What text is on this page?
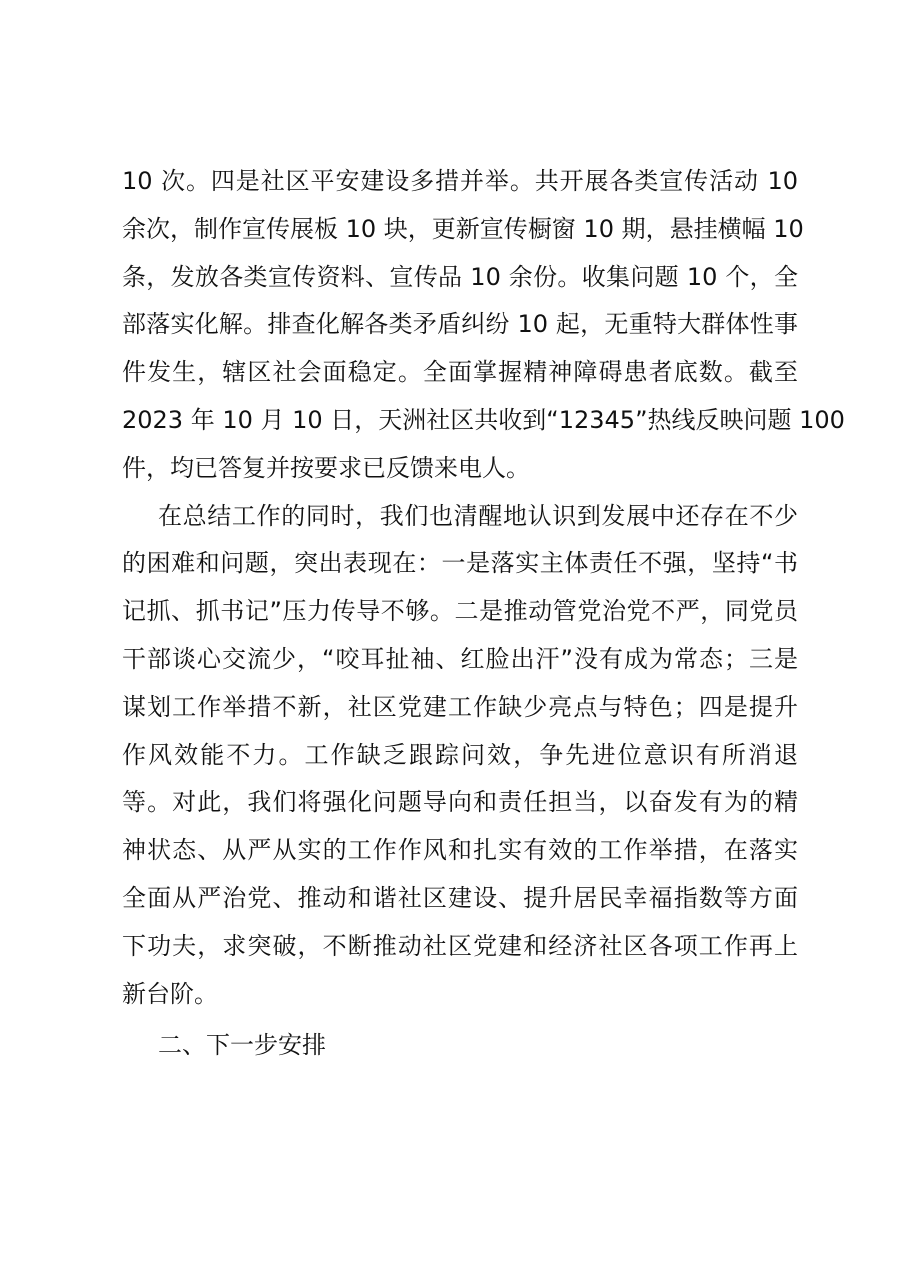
10 次。四是社区平安建设多措并举。共开展各类宣传活动 10
余次，制作宣传展板 10 块，更新宣传橱窗 10 期，悬挂横幅 10
条，发放各类宣传资料、宣传品 10 余份。收集问题 10 个，全
部落实化解。排查化解各类矛盾纠纷 10 起，无重特大群体性事
件发生，辖区社会面稳定。全面掌握精神障碍患者底数。截至
2023 年 10 月 10 日，天洲社区共收到“12345”热线反映问题 100
件，均已答复并按要求已反馈来电人。
在总结工作的同时，我们也清醒地认识到发展中还存在不少
的困难和问题，突出表现在：一是落实主体责任不强，坚持“书
记抓、抓书记”压力传导不够。二是推动管党治党不严，同党员
干部谈心交流少，“咬耳扯袖、红脸出汗”没有成为常态；三是
谋划工作举措不新，社区党建工作缺少亮点与特色；四是提升
作风效能不力。工作缺乏跟踪问效，争先进位意识有所消退
等。对此，我们将强化问题导向和责任担当，以奋发有为的精
神状态、从严从实的工作作风和扎实有效的工作举措，在落实
全面从严治党、推动和谐社区建设、提升居民幸福指数等方面
下功夫，求突破，不断推动社区党建和经济社区各项工作再上
新台阶。
二、下一步安排
